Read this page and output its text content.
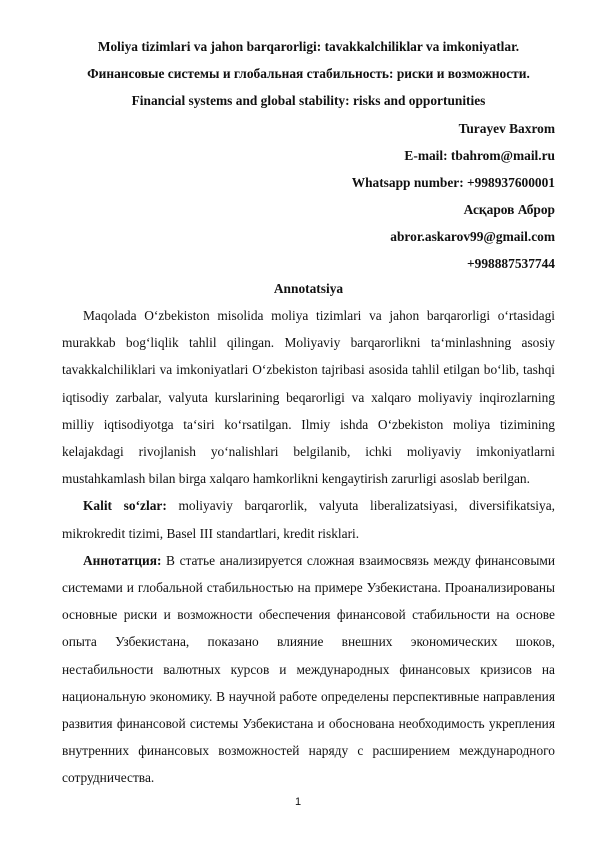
Moliya tizimlari va jahon barqarorligi: tavakkalchiliklar va imkoniyatlar.
Финансовые системы и глобальная стабильность: риски и возможности.
Financial systems and global stability: risks and opportunities
Turayev Baxrom
E-mail: tbahrom@mail.ru
Whatsapp number: +998937600001
Асқаров Аброр
abror.askarov99@gmail.com
+998887537744
Annotatsiya

Maqolada O‘zbekiston misolida moliya tizimlari va jahon barqarorligi o‘rtasidagi murakkab bog‘liqlik tahlil qilingan. Moliyaviy barqarorlikni ta‘minlashning asosiy tavakkalchiliklari va imkoniyatlari O‘zbekiston tajribasi asosida tahlil etilgan bo‘lib, tashqi iqtisodiy zarbalar, valyuta kurslarining beqarorligi va xalqaro moliyaviy inqirozlarning milliy iqtisodiyotga ta‘siri ko‘rsatilgan. Ilmiy ishda O‘zbekiston moliya tizimining kelajakdagi rivojlanish yo‘nalishlari belgilanib, ichki moliyaviy imkoniyatlarni mustahkamlash bilan birga xalqaro hamkorlikni kengaytirish zarurligi asoslab berilgan.

Kalit so‘zlar: moliyaviy barqarorlik, valyuta liberalizatsiyasi, diversifikatsiya, mikrokredit tizimi, Basel III standartlari, kredit risklari.

Аннотатция: В статье анализируется сложная взаимосвязь между финансовыми системами и глобальной стабильностью на примере Узбекистана. Проанализированы основные риски и возможности обеспечения финансовой стабильности на основе опыта Узбекистана, показано влияние внешних экономических шоков, нестабильности валютных курсов и международных финансовых кризисов на национальную экономику. В научной работе определены перспективные направления развития финансовой системы Узбекистана и обоснована необходимость укрепления внутренних финансовых возможностей наряду с расширением международного сотрудничества.

1
